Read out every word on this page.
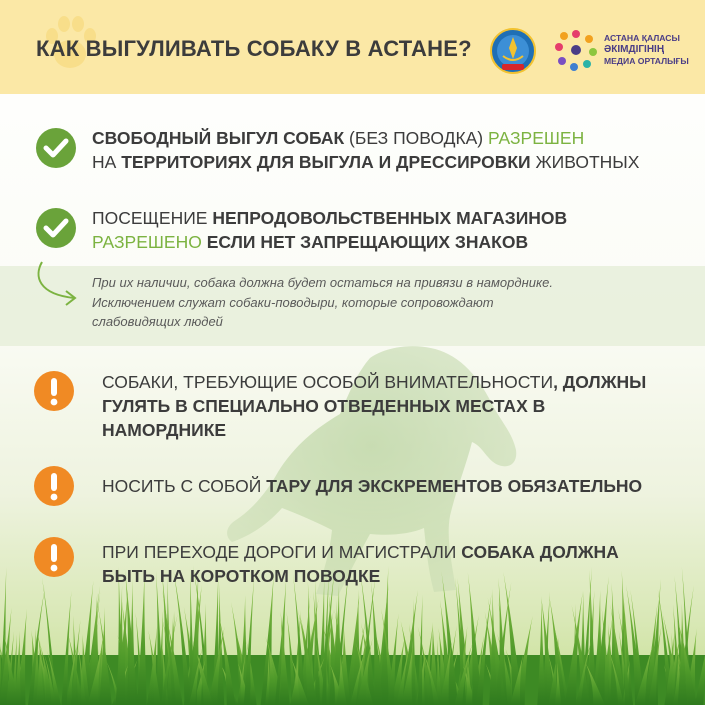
КАК ВЫГУЛИВАТЬ СОБАКУ В АСТАНЕ?	АСТАНА ҚАЛАСЫ
ӘКІМДІГІНІҢ
МЕДИА ОРТАЛЫҒЫ
При их наличии, собака должна будет остаться на привязи в наморднике.
Исключением служат собаки-поводыри, которые сопровождают
слабовидящих людей
СВОБОДНЫЙ ВЫГУЛ СОБАК (БЕЗ ПОВОДКА) РАЗРЕШЕН
НА ТЕРРИТОРИЯХ ДЛЯ ВЫГУЛА И ДРЕССИРОВКИ ЖИВОТНЫХ
ПОСЕЩЕНИЕ НЕПРОДОВОЛЬСТВЕННЫХ МАГАЗИНОВ
РАЗРЕШЕНО ЕСЛИ НЕТ ЗАПРЕЩАЮЩИХ ЗНАКОВ
СОБАКИ, ТРЕБУЮЩИЕ ОСОБОЙ ВНИМАТЕЛЬНОСТИ, ДОЛЖНЫ
ГУЛЯТЬ В СПЕЦИАЛЬНО ОТВЕДЕННЫХ МЕСТАХ В
НАМОРДНИКЕ
НОСИТЬ С СОБОЙ ТАРУ ДЛЯ ЭКСКРЕМЕНТОВ ОБЯЗАТЕЛЬНО
ПРИ ПЕРЕХОДЕ ДОРОГИ И МАГИСТРАЛИ СОБАКА ДОЛЖНА
БЫТЬ НА КОРОТКОМ ПОВОДКЕ
